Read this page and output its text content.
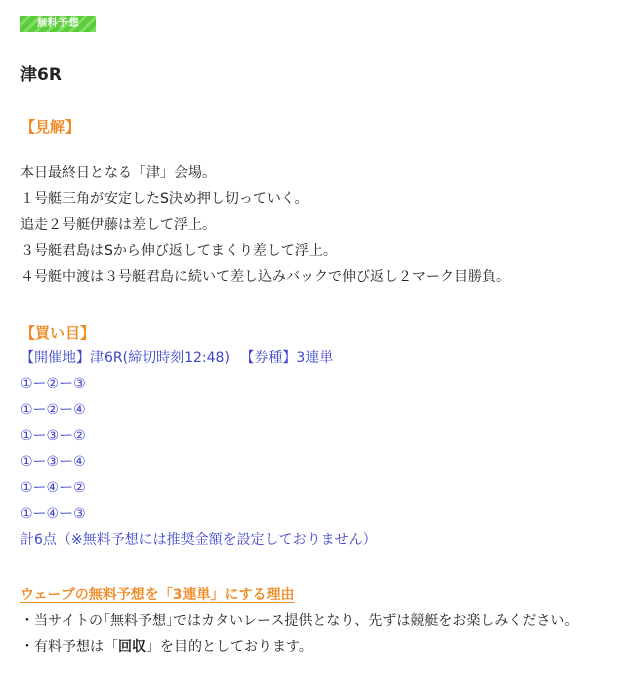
無料予想
津6R
【見解】
本日最終日となる「津」会場。
１号艇三角が安定したS決め押し切っていく。
追走２号艇伊藤は差して浮上。
３号艇君島はSから伸び返してまくり差して浮上。
４号艇中渡は３号艇君島に続いて差し込みバックで伸び返し２マーク目勝負。
【買い目】
【開催地】津6R(締切時刻12:48) 【券種】3連単
①ー②ー③
①ー②ー④
①ー③ー②
①ー③ー④
①ー④ー②
①ー④ー③
計6点（※無料予想には推奨金額を設定しておりません）
ウェーブの無料予想を「3連単」にする理由
・当サイトの｢無料予想｣ではカタいレース提供となり、先ずは競艇をお楽しみください。
・有料予想は「回収」を目的としております。
